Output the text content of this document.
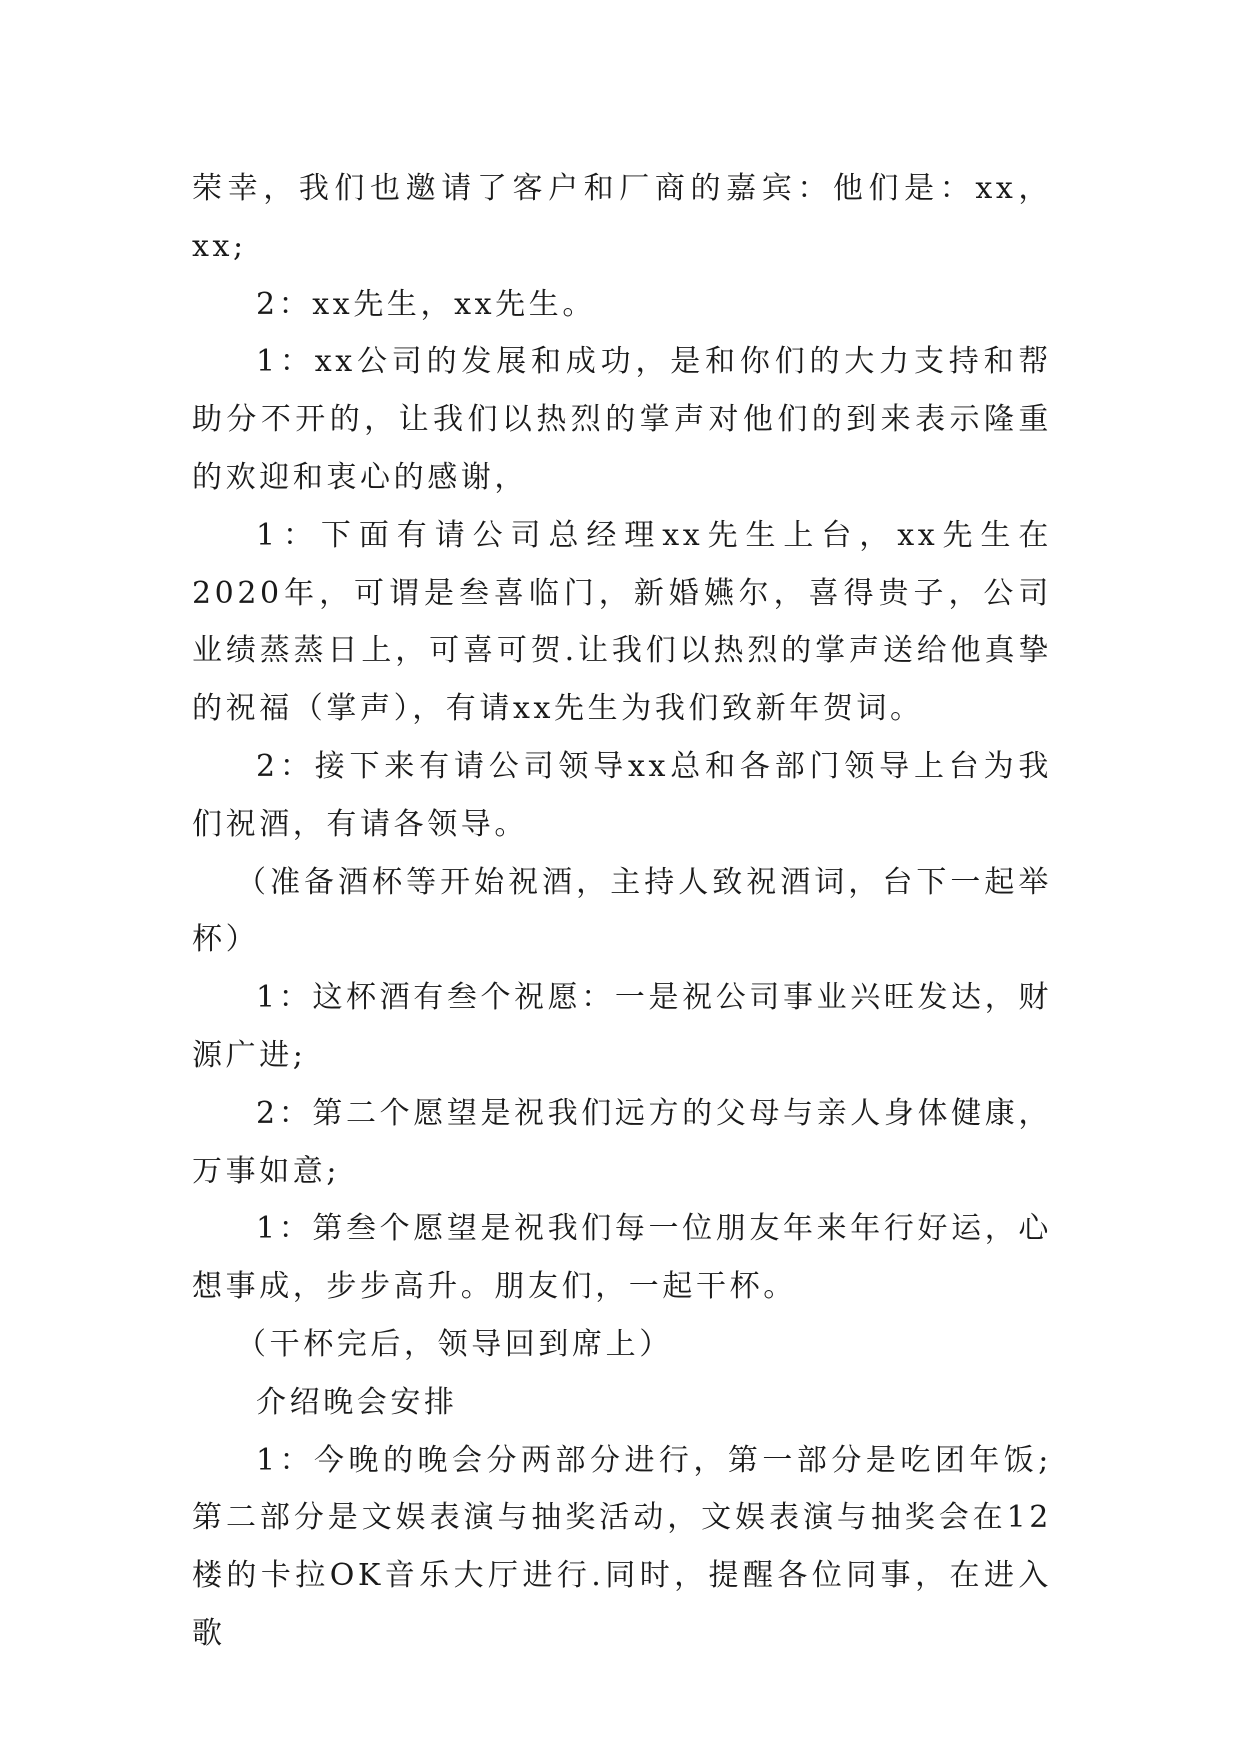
荣幸，我们也邀请了客户和厂商的嘉宾：他们是：xx，xx;

2：xx先生，xx先生。

1：xx公司的发展和成功，是和你们的大力支持和帮助分不开的，让我们以热烈的掌声对他们的到来表示隆重的欢迎和衷心的感谢，

1：下面有请公司总经理xx先生上台，xx先生在2020年，可谓是叁喜临门，新婚嬿尔，喜得贵子，公司业绩蒸蒸日上，可喜可贺.让我们以热烈的掌声送给他真挚的祝福（掌声），有请xx先生为我们致新年贺词。

2：接下来有请公司领导xx总和各部门领导上台为我们祝酒，有请各领导。

（准备酒杯等开始祝酒，主持人致祝酒词，台下一起举杯）

1：这杯酒有叁个祝愿：一是祝公司事业兴旺发达，财源广进;

2：第二个愿望是祝我们远方的父母与亲人身体健康，万事如意;

1：第叁个愿望是祝我们每一位朋友年来年行好运，心想事成，步步高升。朋友们，一起干杯。

（干杯完后，领导回到席上）

介绍晚会安排

1：今晚的晚会分两部分进行，第一部分是吃团年饭;第二部分是文娱表演与抽奖活动，文娱表演与抽奖会在12楼的卡拉OK音乐大厅进行.同时，提醒各位同事，在进入歌
